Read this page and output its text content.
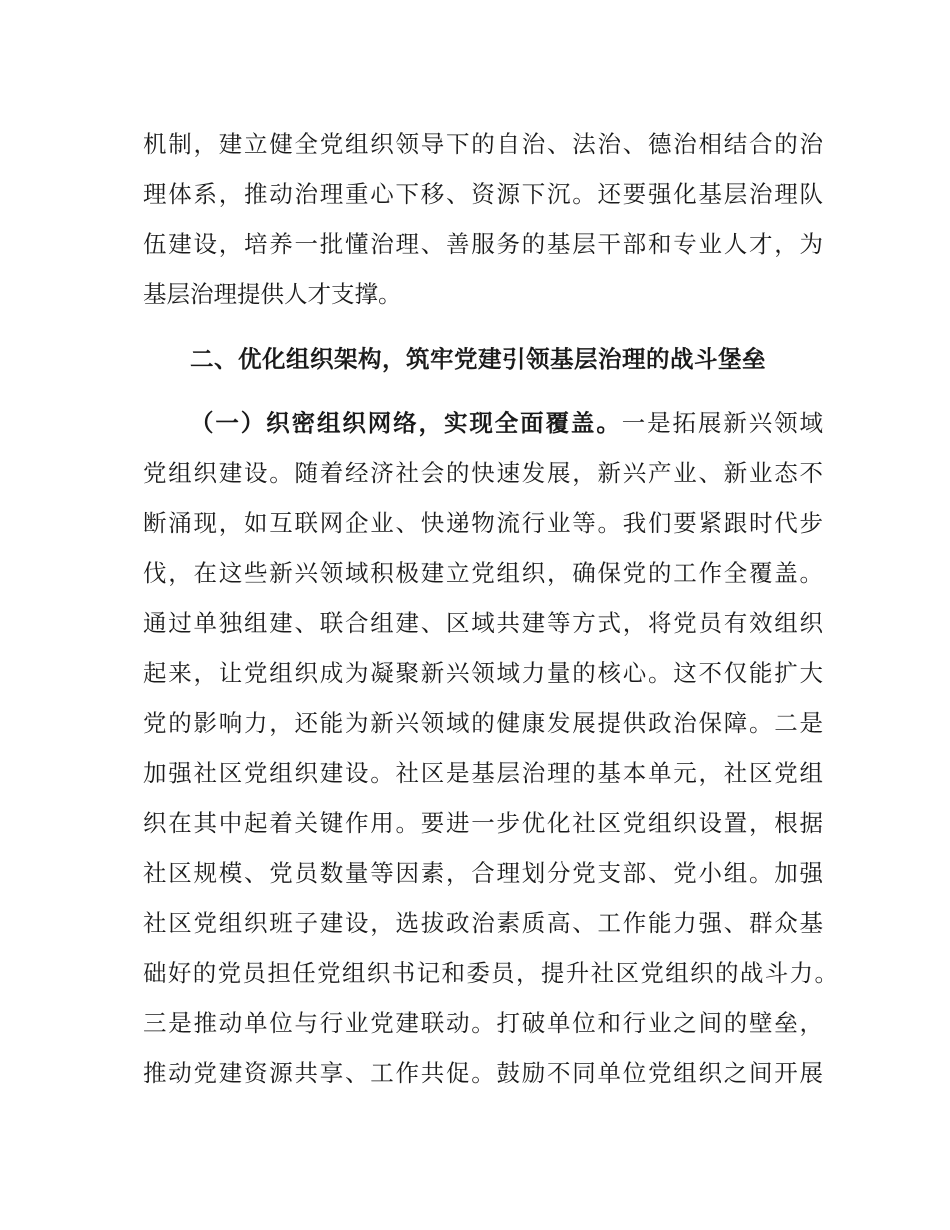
机制，建立健全党组织领导下的自治、法治、德治相结合的治
理体系，推动治理重心下移、资源下沉。还要强化基层治理队
伍建设，培养一批懂治理、善服务的基层干部和专业人才，为
基层治理提供人才支撑。
二、优化组织架构，筑牢党建引领基层治理的战斗堡垒
（一）织密组织网络，实现全面覆盖。一是拓展新兴领域
党组织建设。随着经济社会的快速发展，新兴产业、新业态不
断涌现，如互联网企业、快递物流行业等。我们要紧跟时代步
伐，在这些新兴领域积极建立党组织，确保党的工作全覆盖。
通过单独组建、联合组建、区域共建等方式，将党员有效组织
起来，让党组织成为凝聚新兴领域力量的核心。这不仅能扩大
党的影响力，还能为新兴领域的健康发展提供政治保障。二是
加强社区党组织建设。社区是基层治理的基本单元，社区党组
织在其中起着关键作用。要进一步优化社区党组织设置，根据
社区规模、党员数量等因素，合理划分党支部、党小组。加强
社区党组织班子建设，选拔政治素质高、工作能力强、群众基
础好的党员担任党组织书记和委员，提升社区党组织的战斗力。
三是推动单位与行业党建联动。打破单位和行业之间的壁垒，
推动党建资源共享、工作共促。鼓励不同单位党组织之间开展
